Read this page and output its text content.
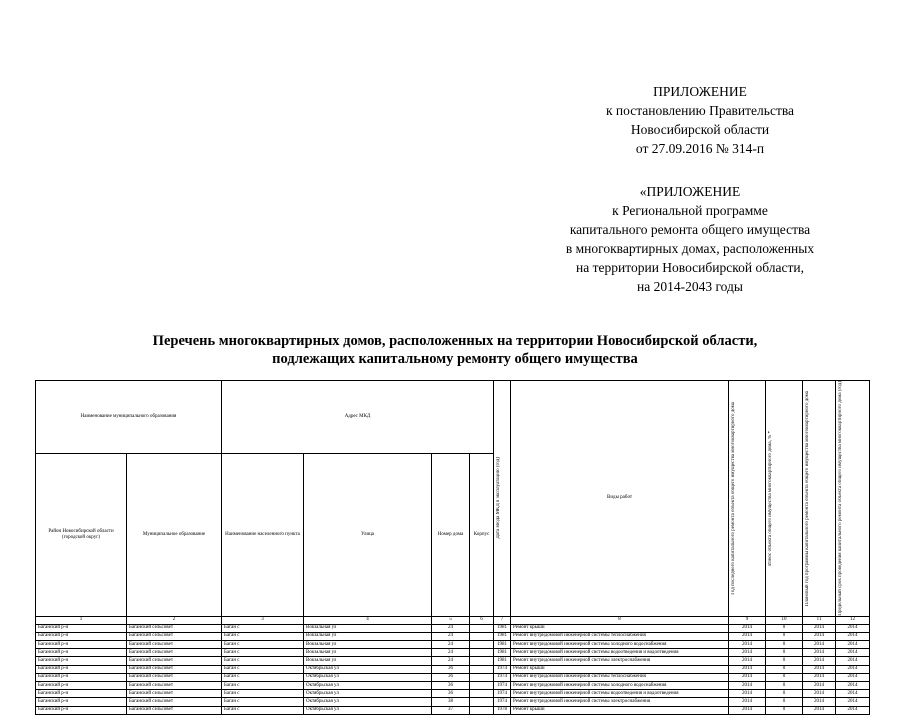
ПРИЛОЖЕНИЕ
к постановлению Правительства
Новосибирской области
от 27.09.2016 № 314-п
«ПРИЛОЖЕНИЕ
к Региональной программе
капитального ремонта общего имущества
в многоквартирных домах, расположенных
на территории Новосибирской области,
на 2014-2043 годы
Перечень многоквартирных домов, расположенных на территории Новосибирской области,
подлежащих капитальному ремонту общего имущества
Наименование муниципального образования		Адрес МКД				Дата ввода МКД в эксплуатацию (год)	Виды работ	Год последнего капитального ремонта объекта общего имущества многоквартирного дома	Износ объекта общего имущества многоквартирного дома, % *	Плановый год программы капитального ремонта объекта общего имущества многоквартирного дома	Предельный срок проведения капитального ремонта объекта общего имущества многоквартирного дома (год)

Район Новосибирской области (городской округ)	Муниципальное образование	Наименование населенного пункта	Улица	Номер дома	Корпус						
1	2	3	4	5	6	7	8	9	10	11	12
Баганский р-н	Баганский сельсовет	Баган с	Вокзальная ул	24		1981	Ремонт крыши	2014	0	2014	2014
Баганский р-н	Баганский сельсовет	Баган с	Вокзальная ул	24		1981	Ремонт внутридомовой инженерной системы теплоснабжения	2014	0	2014	2014
Баганский р-н	Баганский сельсовет	Баган с	Вокзальная ул	24		1981	Ремонт внутридомовой инженерной системы холодного водоснабжения	2014	0	2014	2014
Баганский р-н	Баганский сельсовет	Баган с	Вокзальная ул	24		1981	Ремонт внутридомовой инженерной системы водоотведения и водоотведения	2014	0	2014	2014
Баганский р-н	Баганский сельсовет	Баган с	Вокзальная ул	24		1981	Ремонт внутридомовой инженерной системы электроснабжения	2014	0	2014	2014
Баганский р-н	Баганский сельсовет	Баган с	Октябрьская ул	36		1974	Ремонт крыши	2014	0	2014	2014
Баганский р-н	Баганский сельсовет	Баган с	Октябрьская ул	36		1974	Ремонт внутридомовой инженерной системы теплоснабжения	2014	0	2014	2014
Баганский р-н	Баганский сельсовет	Баган с	Октябрьская ул	36		1974	Ремонт внутридомовой инженерной системы холодного водоснабжения	2014	0	2014	2014
Баганский р-н	Баганский сельсовет	Баган с	Октябрьская ул	36		1974	Ремонт внутридомовой инженерной системы водоотведения и водоотведения	2014	0	2014	2014
Баганский р-н	Баганский сельсовет	Баган с	Октябрьская ул	38		1974	Ремонт внутридомовой инженерной системы электроснабжения	2014	0	2014	2014
Баганский р-н	Баганский сельсовет	Баган с	Октябрьская ул	37		1978	Ремонт крыши	2014	0	2014	2014
